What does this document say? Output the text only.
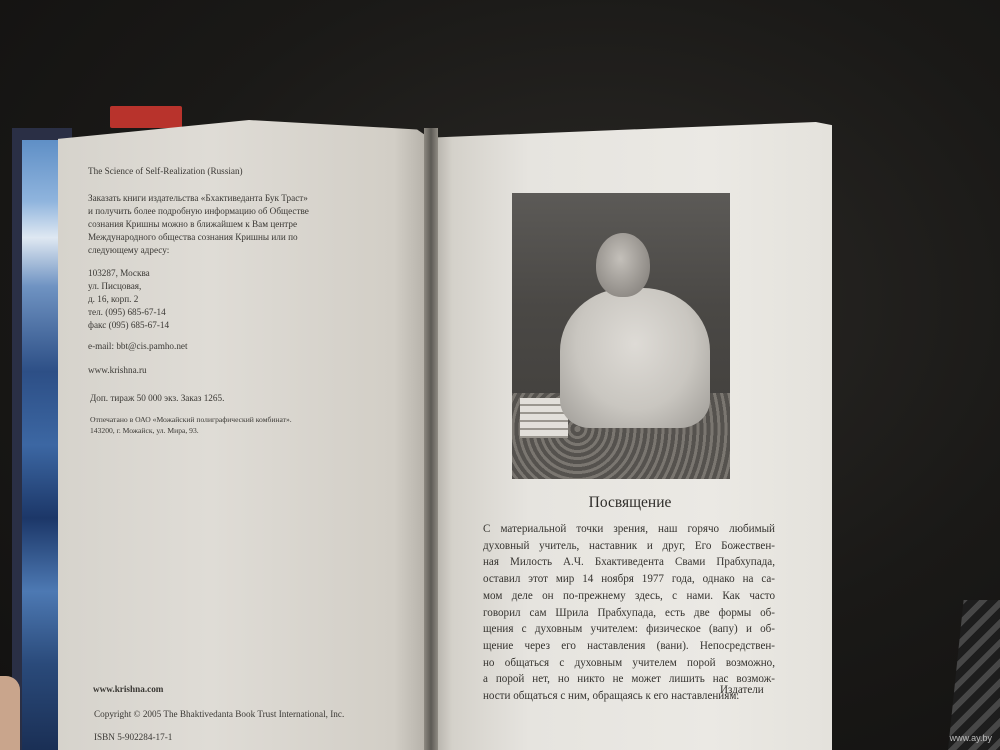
The Science of Self-Realization (Russian)
Заказать книги издательства «Бхактиведанта Бук Траст»
и получить более подробную информацию об Обществе
сознания Кришны можно в ближайшем к Вам центре
Международного общества сознания Кришны или по
следующему адресу:
103287, Москва
ул. Писцовая,
д. 16, корп. 2
тел. (095) 685-67-14
факс (095) 685-67-14
e-mail: bbt@cis.pamho.net
www.krishna.ru
Доп. тираж 50 000 экз. Заказ 1265.
Отпечатано в ОАО «Можайский полиграфический комбинат».
143200, г. Можайск, ул. Мира, 93.
www.krishna.com
Copyright © 2005 The Bhaktivedanta Book Trust International, Inc.
ISBN 5-902284-17-1
Посвящение
С материальной точки зрения, наш горячо любимый
духовный учитель, наставник и друг, Его Божествен-
ная Милость А.Ч. Бхактиведента Свами Прабхупада,
оставил этот мир 14 ноября 1977 года, однако на са-
мом деле он по-прежнему здесь, с нами. Как часто
говорил сам Шрила Прабхупада, есть две формы об-
щения с духовным учителем: физическое (вапу) и об-
щение через его наставления (вани). Непосредствен-
но общаться с духовным учителем порой возможно,
а порой нет, но никто не может лишить нас возмож-
ности общаться с ним, обращаясь к его наставлениям.
Издатели
www.ay.by
